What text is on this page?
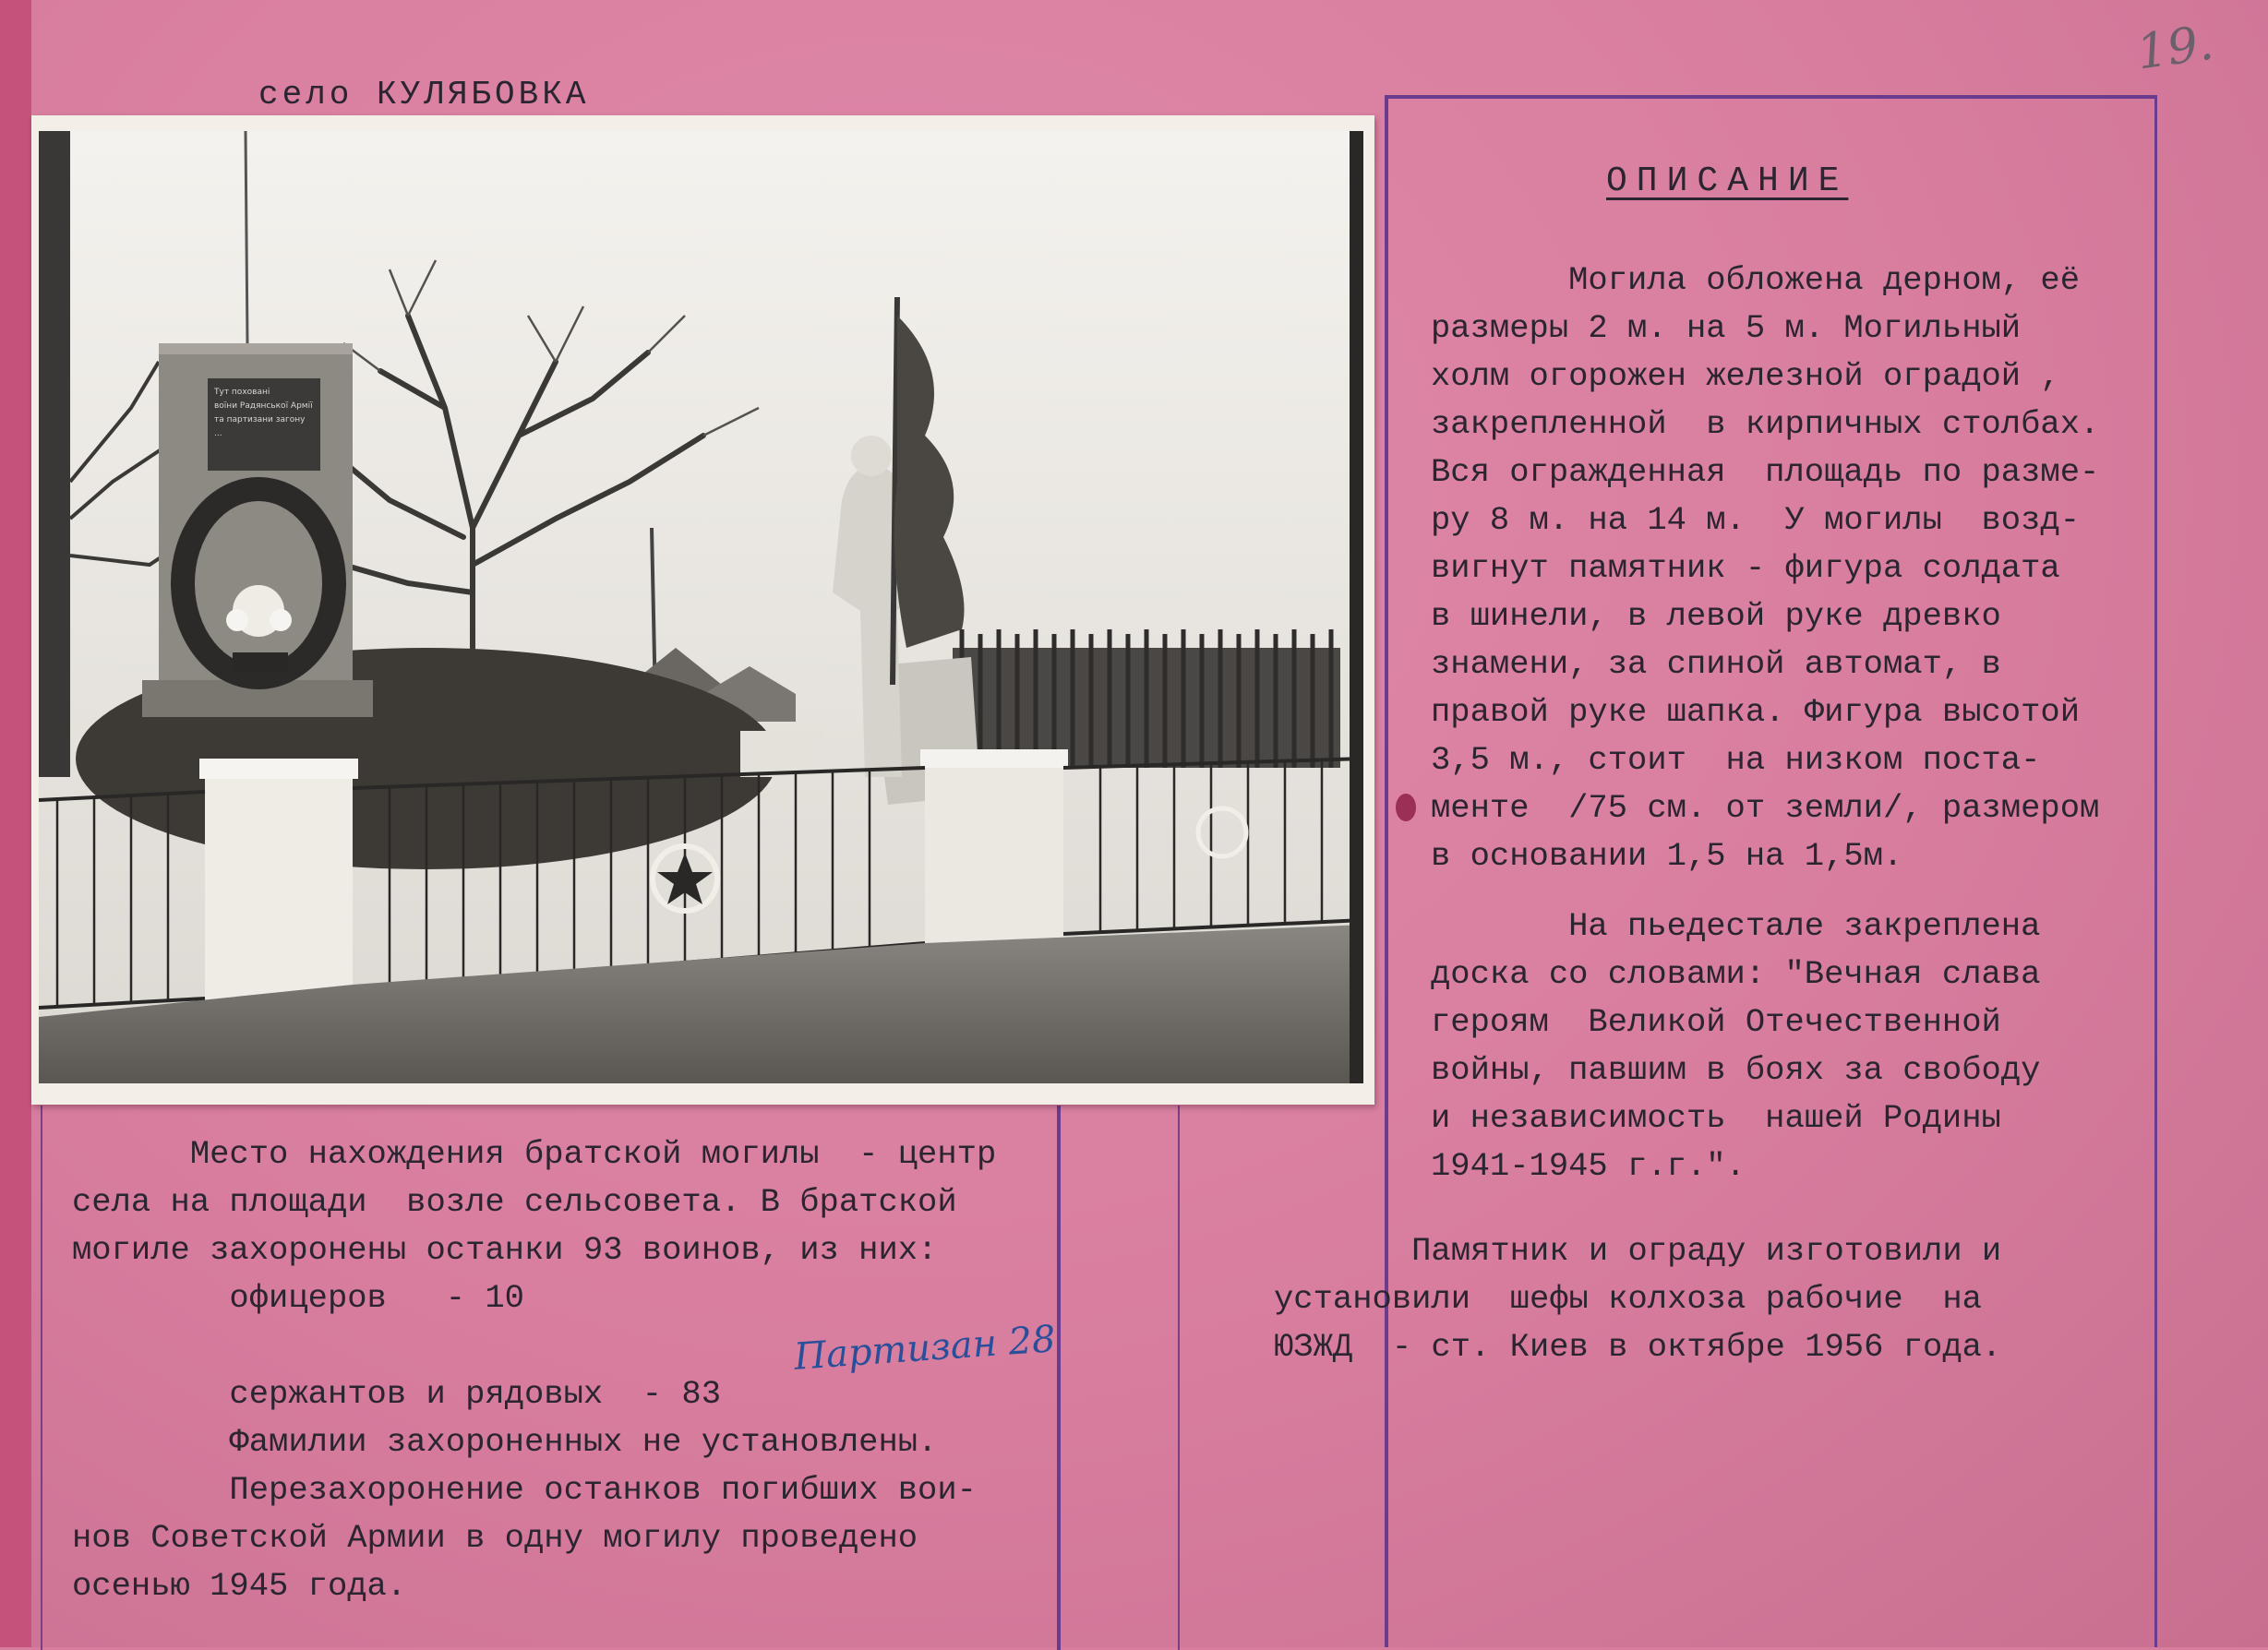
19.
село КУЛЯБОВКА
Тут поховані
воїни Радянської Армії
та партизани загону
...
ОПИСАНИЕ
Могила обложена дерном, её
размеры 2 м. на 5 м. Могильный
холм огорожен железной оградой ,
закрепленной  в кирпичных столбах.
Вся огражденная  площадь по разме-
ру 8 м. на 14 м.  У могилы  возд-
вигнут памятник - фигура солдата
в шинели, в левой руке древко
знамени, за спиной автомат, в
правой руке шапка. Фигура высотой
3,5 м., стоит  на низком поста-
менте  /75 см. от земли/, размером
в основании 1,5 на 1,5м.
На пьедестале закреплена
доска со словами: "Вечная слава
героям  Великой Отечественной
войны, павшим в боях за свободу
и независимость  нашей Родины
1941-1945 г.г.".
Памятник и ограду изготовили и
установили  шефы колхоза рабочие  на
ЮЗЖД  - ст. Киев в октябре 1956 года.
Место нахождения братской могилы  - центр
села на площади  возле сельсовета. В братской
могиле захоронены останки 93 воинов, из них:
офицеров   - 10

сержантов и рядовых  - 83
Фамилии захороненных не установлены.
Перезахоронение останков погибших вои-
нов Советской Армии в одну могилу проведено
осенью 1945 года.
Партизан 28
